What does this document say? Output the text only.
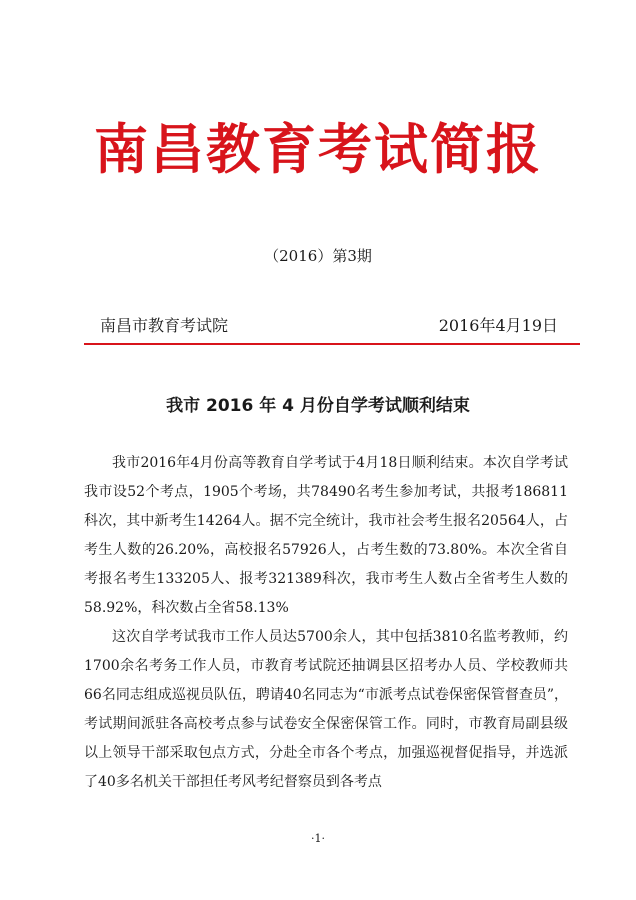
南昌教育考试简报
（2016）第3期
南昌市教育考试院	2016年4月19日
我市 2016 年 4 月份自学考试顺利结束

我市2016年4月份高等教育自学考试于4月18日顺利结束。本次自学考试我市设52个考点，1905个考场，共78490名考生参加考试，共报考186811科次，其中新考生14264人。据不完全统计，我市社会考生报名20564人，占考生人数的26.20%，高校报名57926人，占考生数的73.80%。本次全省自考报名考生133205人、报考321389科次，我市考生人数占全省考生人数的58.92%，科次数占全省58.13%

这次自学考试我市工作人员达5700余人，其中包括3810名监考教师，约1700余名考务工作人员，市教育考试院还抽调县区招考办人员、学校教师共66名同志组成巡视员队伍，聘请40名同志为“市派考点试卷保密保管督查员”，考试期间派驻各高校考点参与试卷安全保密保管工作。同时，市教育局副县级以上领导干部采取包点方式，分赴全市各个考点，加强巡视督促指导，并选派了40多名机关干部担任考风考纪督察员到各考点

·1·
